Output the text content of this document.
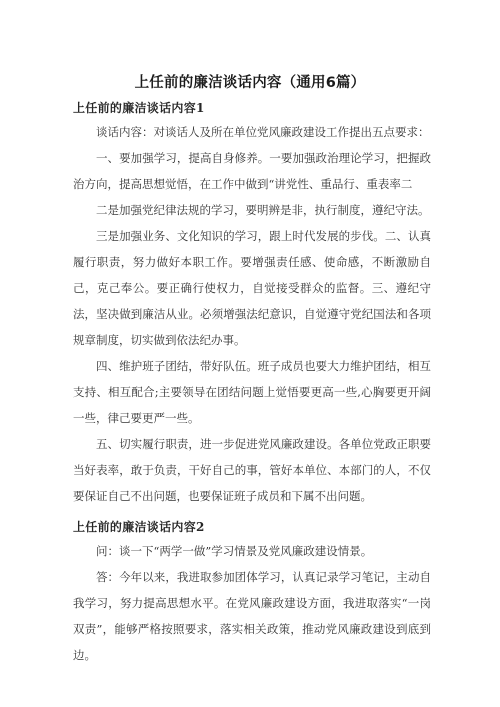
上任前的廉洁谈话内容（通用6篇）
上任前的廉洁谈话内容1

谈话内容：对谈话人及所在单位党风廉政建设工作提出五点要求：

一、要加强学习，提高自身修养。一要加强政治理论学习，把握政治方向，提高思想觉悟，在工作中做到“讲党性、重品行、重表率二

二是加强党纪律法规的学习，要明辨是非，执行制度，遵纪守法。

三是加强业务、文化知识的学习，跟上时代发展的步伐。二、认真履行职责，努力做好本职工作。要增强责任感、使命感，不断激励自己，克己奉公。要正确行使权力，自觉接受群众的监督。三、遵纪守法，坚决做到廉洁从业。必须增强法纪意识，自觉遵守党纪国法和各项规章制度，切实做到依法纪办事。

四、维护班子团结，带好队伍。班子成员也要大力维护团结，相互支持、相互配合;主要领导在团结问题上觉悟要更高一些,心胸要更开阔一些，律己要更严一些。

五、切实履行职责，进一步促进党风廉政建设。各单位党政正职要当好表率，敢于负责，干好自己的事，管好本单位、本部门的人，不仅要保证自己不出问题，也要保证班子成员和下属不出问题。

上任前的廉洁谈话内容2

问：谈一下“两学一做”学习情景及党风廉政建设情景。

答：今年以来，我进取参加团体学习，认真记录学习笔记，主动自我学习，努力提高思想水平。在党风廉政建设方面，我进取落实“一岗双责”，能够严格按照要求，落实相关政策，推动党风廉政建设到底到边。
